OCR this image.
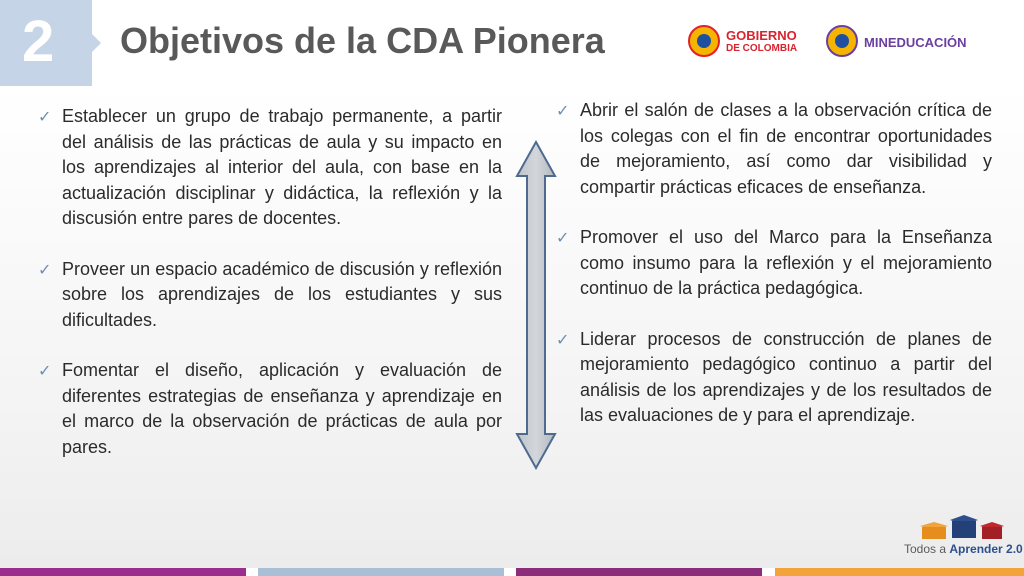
2 Objetivos de la CDA Pionera	GOBIERNO
DE COLOMBIA	MINEDUCACIÓN
✓ Establecer un grupo de trabajo permanente, a partir del análisis de las prácticas de aula y su impacto en los aprendizajes al interior del aula, con base en la actualización disciplinar y didáctica, la reflexión y la discusión entre pares de docentes.
✓ Proveer un espacio académico de discusión y reflexión sobre los aprendizajes de los estudiantes y sus dificultades.
✓ Fomentar el diseño, aplicación y evaluación de diferentes estrategias de enseñanza y aprendizaje en el marco de la observación de prácticas de aula por pares.
✓ Abrir el salón de clases a la observación crítica de los colegas con el fin de encontrar oportunidades de mejoramiento, así como dar visibilidad y compartir prácticas eficaces de enseñanza.
✓ Promover el uso del Marco para la Enseñanza como insumo para la reflexión y el mejoramiento continuo de la práctica pedagógica.
✓ Liderar procesos de construcción de planes de mejoramiento pedagógico continuo a partir del análisis de los aprendizajes y de los resultados de las evaluaciones de y para el aprendizaje.
Todos a Aprender 2.0
